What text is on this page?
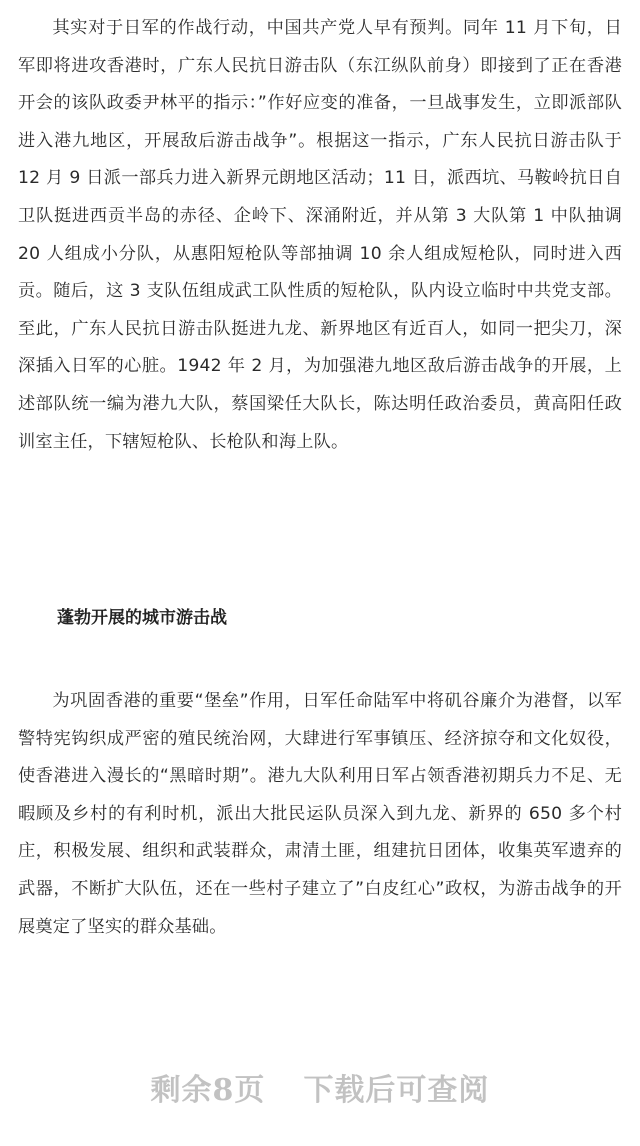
其实对于日军的作战行动，中国共产党人早有预判。同年 11 月下旬，日军即将进攻香港时，广东人民抗日游击队（东江纵队前身）即接到了正在香港开会的该队政委尹林平的指示：”作好应变的准备，一旦战事发生，立即派部队进入港九地区，开展敌后游击战争”。根据这一指示，广东人民抗日游击队于 12 月 9 日派一部兵力进入新界元朗地区活动；11 日，派西坑、马鞍岭抗日自卫队挺进西贡半岛的赤径、企岭下、深涌附近，并从第 3 大队第 1 中队抽调 20 人组成小分队，从惠阳短枪队等部抽调 10 余人组成短枪队，同时进入西贡。随后，这 3 支队伍组成武工队性质的短枪队，队内设立临时中共党支部。至此，广东人民抗日游击队挺进九龙、新界地区有近百人，如同一把尖刀，深深插入日军的心脏。1942 年 2 月，为加强港九地区敌后游击战争的开展，上述部队统一编为港九大队，蔡国梁任大队长，陈达明任政治委员，黄高阳任政训室主任，下辖短枪队、长枪队和海上队。

蓬勃开展的城市游击战

为巩固香港的重要“堡垒”作用，日军任命陆军中将矶谷廉介为港督，以军警特宪钩织成严密的殖民统治网，大肆进行军事镇压、经济掠夺和文化奴役，使香港进入漫长的“黑暗时期”。港九大队利用日军占领香港初期兵力不足、无暇顾及乡村的有利时机，派出大批民运队员深入到九龙、新界的 650 多个村庄，积极发展、组织和武装群众，肃清土匪，组建抗日团体，收集英军遗弃的武器，不断扩大队伍，还在一些村子建立了”白皮红心”政权，为游击战争的开展奠定了坚实的群众基础。

剩余8页 下载后可查阅
